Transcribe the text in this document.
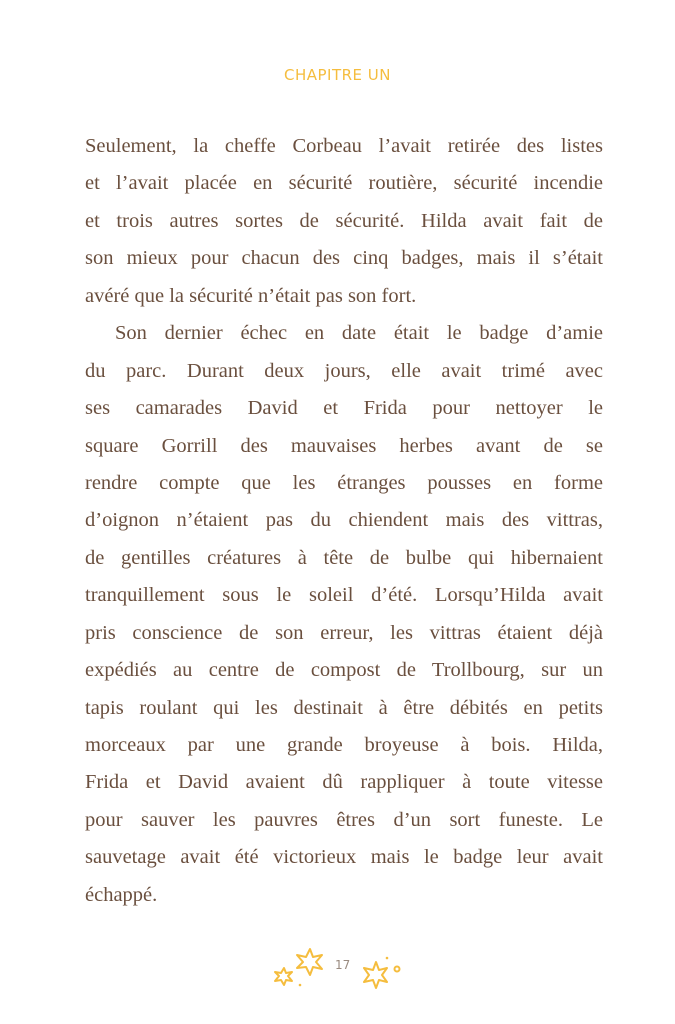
CHAPITRE UN
Seulement, la cheffe Corbeau l’avait retirée des listes
et l’avait placée en sécurité routière, sécurité incendie
et trois autres sortes de sécurité. Hilda avait fait de
son mieux pour chacun des cinq badges, mais il s’était
avéré que la sécurité n’était pas son fort.
Son dernier échec en date était le badge d’amie
du parc. Durant deux jours, elle avait trimé avec
ses camarades David et Frida pour nettoyer le
square Gorrill des mauvaises herbes avant de se
rendre compte que les étranges pousses en forme
d’oignon n’étaient pas du chiendent mais des vittras,
de gentilles créatures à tête de bulbe qui hibernaient
tranquillement sous le soleil d’été. Lorsqu’Hilda avait
pris conscience de son erreur, les vittras étaient déjà
expédiés au centre de compost de Trollbourg, sur un
tapis roulant qui les destinait à être débités en petits
morceaux par une grande broyeuse à bois. Hilda,
Frida et David avaient dû rappliquer à toute vitesse
pour sauver les pauvres êtres d’un sort funeste. Le
sauvetage avait été victorieux mais le badge leur avait
échappé.
17
